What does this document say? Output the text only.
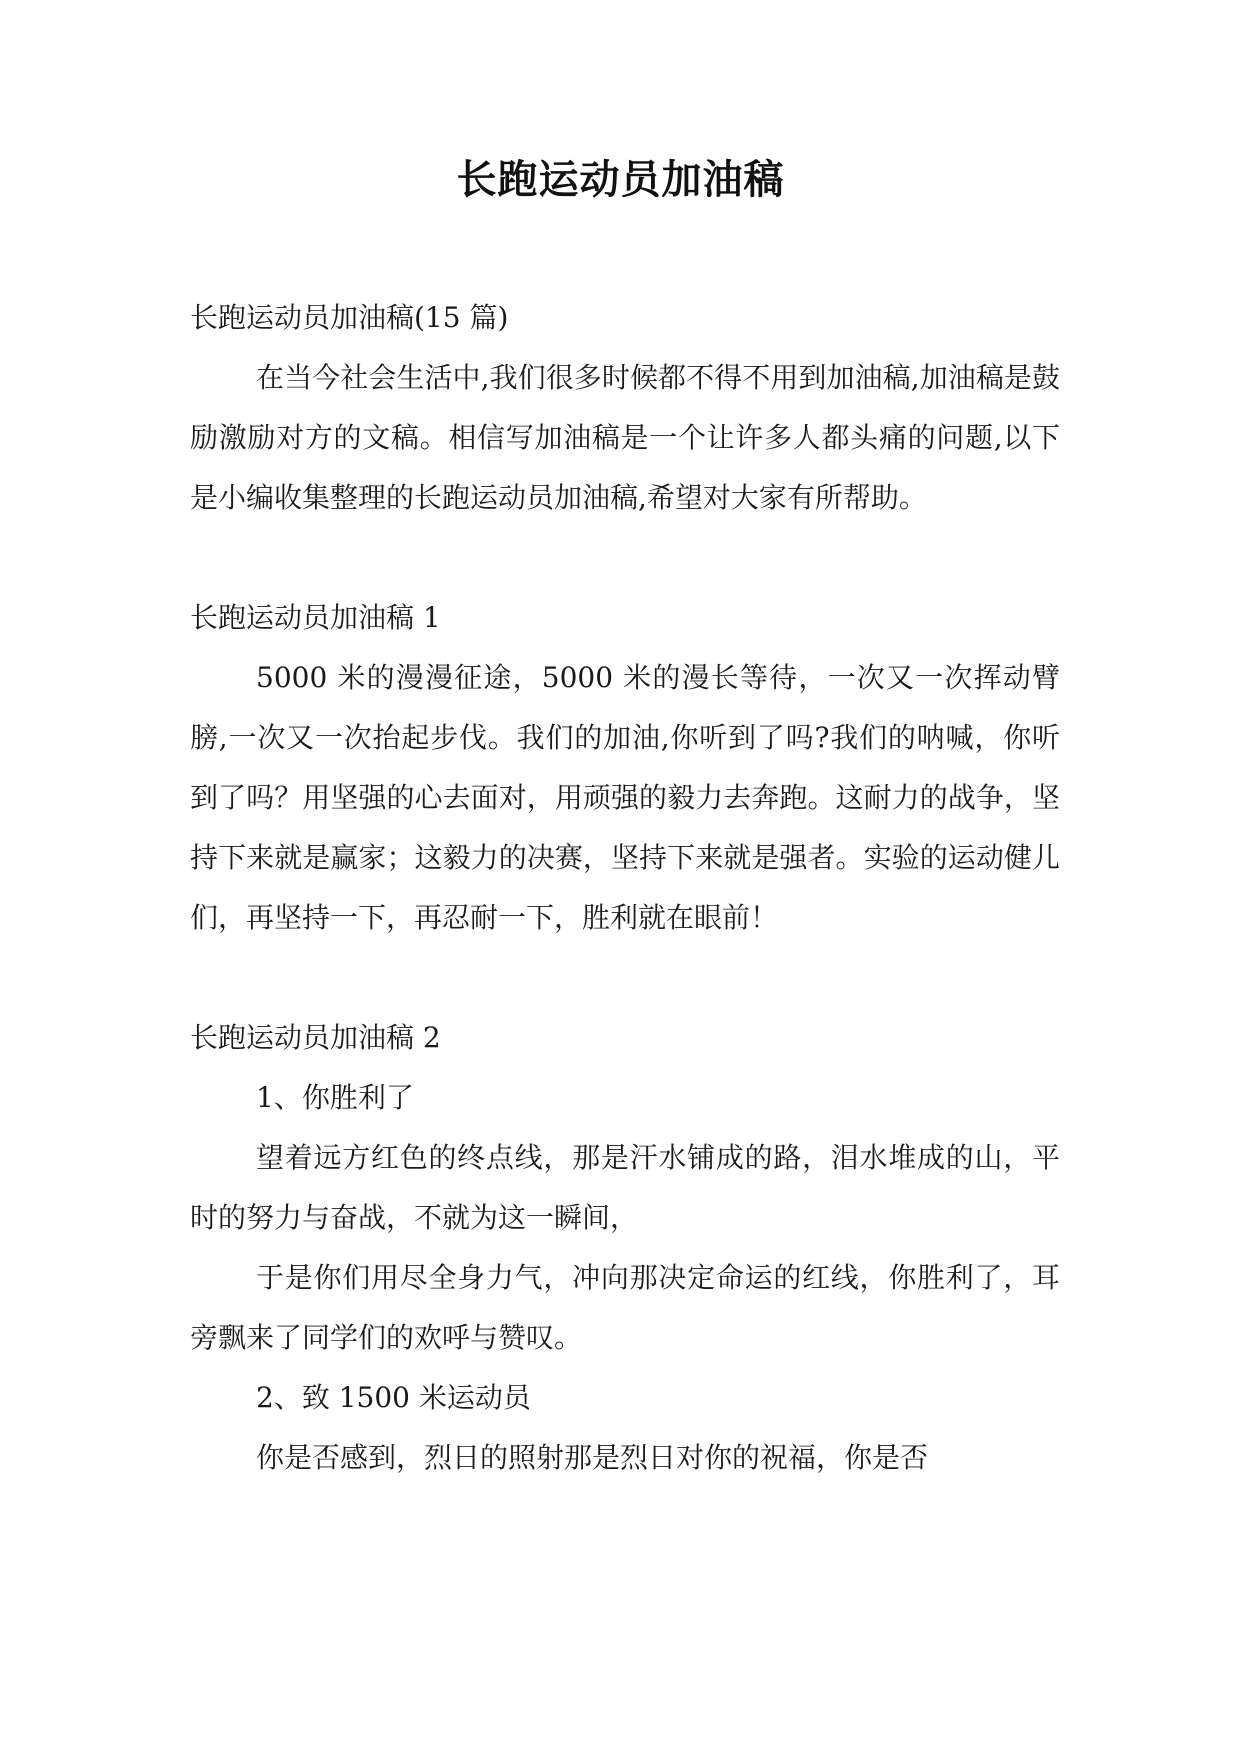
长跑运动员加油稿

长跑运动员加油稿(15 篇)

在当今社会生活中,我们很多时候都不得不用到加油稿,加油稿是鼓励激励对方的文稿。相信写加油稿是一个让许多人都头痛的问题,以下是小编收集整理的长跑运动员加油稿,希望对大家有所帮助。

长跑运动员加油稿 1

5000 米的漫漫征途，5000 米的漫长等待，一次又一次挥动臂膀,一次又一次抬起步伐。我们的加油,你听到了吗?我们的呐喊，你听到了吗？用坚强的心去面对，用顽强的毅力去奔跑。这耐力的战争，坚持下来就是赢家；这毅力的决赛，坚持下来就是强者。实验的运动健儿们，再坚持一下，再忍耐一下，胜利就在眼前！

长跑运动员加油稿 2

1、你胜利了

望着远方红色的终点线，那是汗水铺成的路，泪水堆成的山，平时的努力与奋战，不就为这一瞬间，

于是你们用尽全身力气，冲向那决定命运的红线，你胜利了，耳旁飘来了同学们的欢呼与赞叹。

2、致 1500 米运动员

你是否感到，烈日的照射那是烈日对你的祝福，你是否
